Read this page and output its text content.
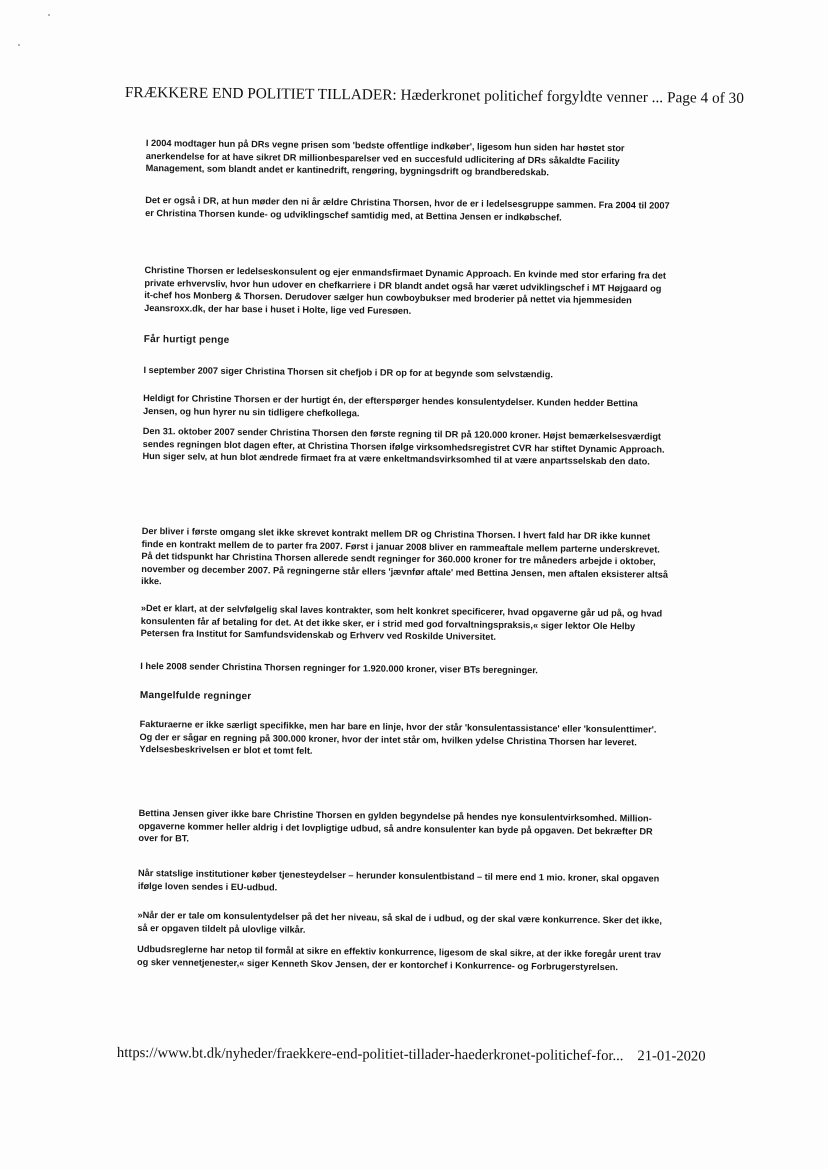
FRÆKKERE END POLITIET TILLADER: Hæderkronet politichef forgyldte venner ... Page 4 of 30

I 2004 modtager hun på DRs vegne prisen som 'bedste offentlige indkøber', ligesom hun siden har høstet stor anerkendelse for at have sikret DR millionbesparelser ved en succesfuld udlicitering af DRs såkaldte Facility Management, som blandt andet er kantinedrift, rengøring, bygningsdrift og brandberedskab.

Det er også i DR, at hun møder den ni år ældre Christina Thorsen, hvor de er i ledelsesgruppe sammen. Fra 2004 til 2007 er Christina Thorsen kunde- og udviklingschef samtidig med, at Bettina Jensen er indkøbschef.

Christine Thorsen er ledelseskonsulent og ejer enmandsfirmaet Dynamic Approach. En kvinde med stor erfaring fra det private erhvervsliv, hvor hun udover en chefkarriere i DR blandt andet også har været udviklingschef i MT Højgaard og it-chef hos Monberg & Thorsen. Derudover sælger hun cowboybukser med broderier på nettet via hjemmesiden Jeansroxx.dk, der har base i huset i Holte, lige ved Furesøen.

Får hurtigt penge

I september 2007 siger Christina Thorsen sit chefjob i DR op for at begynde som selvstændig.

Heldigt for Christine Thorsen er der hurtigt én, der efterspørger hendes konsulentydelser. Kunden hedder Bettina Jensen, og hun hyrer nu sin tidligere chefkollega.

Den 31. oktober 2007 sender Christina Thorsen den første regning til DR på 120.000 kroner. Højst bemærkelsesværdigt sendes regningen blot dagen efter, at Christina Thorsen ifølge virksomhedsregistret CVR har stiftet Dynamic Approach. Hun siger selv, at hun blot ændrede firmaet fra at være enkeltmandsvirksomhed til at være anpartsselskab den dato.

Der bliver i første omgang slet ikke skrevet kontrakt mellem DR og Christina Thorsen. I hvert fald har DR ikke kunnet finde en kontrakt mellem de to parter fra 2007. Først i januar 2008 bliver en rammeaftale mellem parterne underskrevet. På det tidspunkt har Christina Thorsen allerede sendt regninger for 360.000 kroner for tre måneders arbejde i oktober, november og december 2007. På regningerne står ellers 'jævnfør aftale' med Bettina Jensen, men aftalen eksisterer altså ikke.

»Det er klart, at der selvfølgelig skal laves kontrakter, som helt konkret specificerer, hvad opgaverne går ud på, og hvad konsulenten får af betaling for det. At det ikke sker, er i strid med god forvaltningspraksis,« siger lektor Ole Helby Petersen fra Institut for Samfundsvidenskab og Erhverv ved Roskilde Universitet.

I hele 2008 sender Christina Thorsen regninger for 1.920.000 kroner, viser BTs beregninger.

Mangelfulde regninger

Fakturaerne er ikke særligt specifikke, men har bare en linje, hvor der står 'konsulentassistance' eller 'konsulenttimer'. Og der er sågar en regning på 300.000 kroner, hvor der intet står om, hvilken ydelse Christina Thorsen har leveret. Ydelsesbeskrivelsen er blot et tomt felt.

Bettina Jensen giver ikke bare Christine Thorsen en gylden begyndelse på hendes nye konsulentvirksomhed. Million-opgaverne kommer heller aldrig i det lovpligtige udbud, så andre konsulenter kan byde på opgaven. Det bekræfter DR over for BT.

Når statslige institutioner køber tjenesteydelser – herunder konsulentbistand – til mere end 1 mio. kroner, skal opgaven ifølge loven sendes i EU-udbud.

»Når der er tale om konsulentydelser på det her niveau, så skal de i udbud, og der skal være konkurrence. Sker det ikke, så er opgaven tildelt på ulovlige vilkår.

Udbudsreglerne har netop til formål at sikre en effektiv konkurrence, ligesom de skal sikre, at der ikke foregår urent trav og sker vennetjenester,« siger Kenneth Skov Jensen, der er kontorchef i Konkurrence- og Forbrugerstyrelsen.

https://www.bt.dk/nyheder/fraekkere-end-politiet-tillader-haederkronet-politichef-for... 21-01-2020
